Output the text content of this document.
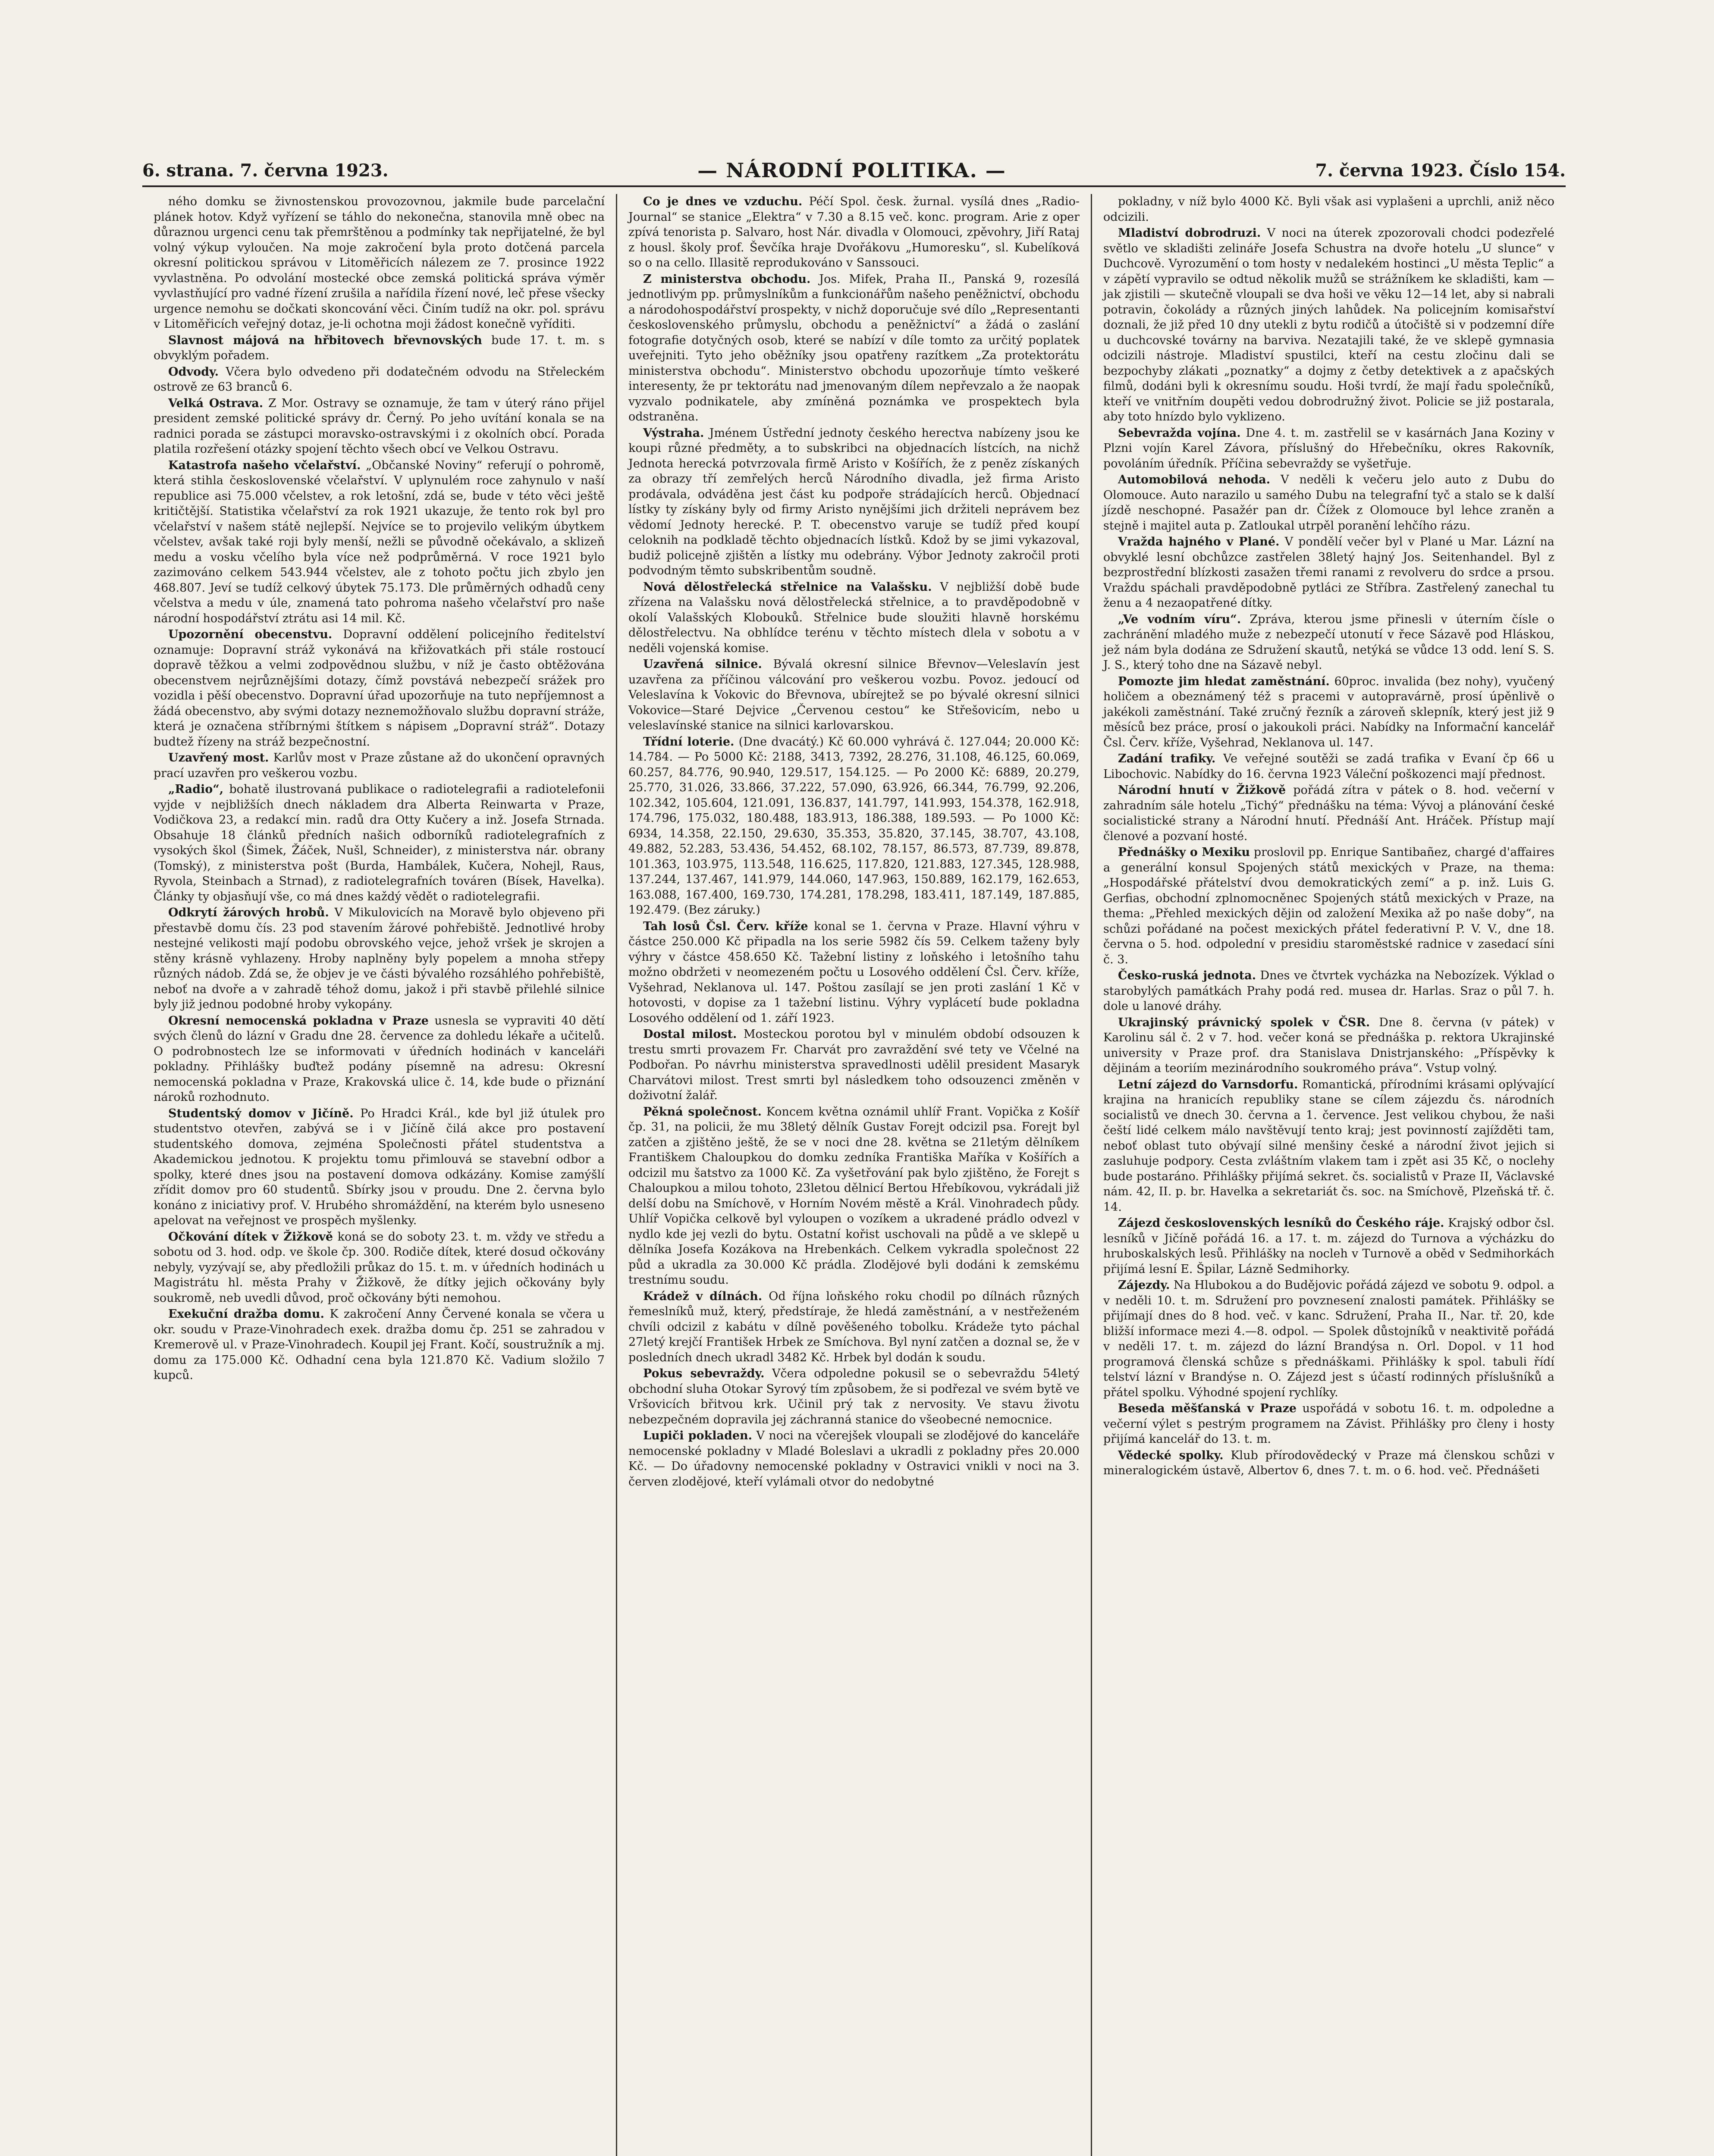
6. strana. 7. června 1923.	— NÁRODNÍ POLITIKA. —	7. června 1923. Číslo 154.

ného domku se živnostenskou provozovnou, jakmile bude parcelační plánek hotov. Když vyřízení se táhlo do nekonečna, stanovila mně obec na důraznou urgenci cenu tak přemrštěnou a podmínky tak nepřijatelné, že byl volný výkup vyloučen. Na moje zakročení byla proto dotčená parcela okresní politickou správou v Litoměřicích nálezem ze 7. prosince 1922 vyvlastněna. Po odvolání mostecké obce zemská politická správa výměr vyvlastňující pro vadné řízení zrušila a nařídila řízení nové, leč přese všecky urgence nemohu se dočkati skoncování věci. Činím tudíž na okr. pol. správu v Litoměřicích veřejný dotaz, je-li ochotna moji žádost konečně vyříditi.

Slavnost májová na hřbitovech břevnovských bude 17. t. m. s obvyklým pořadem.

Odvody. Včera bylo odvedeno při dodatečném odvodu na Střeleckém ostrově ze 63 branců 6.

Velká Ostrava. Z Mor. Ostravy se oznamuje, že tam v úterý ráno přijel president zemské politické správy dr. Černý. Po jeho uvítání konala se na radnici porada se zástupci moravsko-ostravskými i z okolních obcí. Porada platila rozřešení otázky spojení těchto všech obcí ve Velkou Ostravu.

Katastrofa našeho včelařství. „Občanské Noviny“ referují o pohromě, která stihla československé včelařství. V uplynulém roce zahynulo v naší republice asi 75.000 včelstev, a rok letošní, zdá se, bude v této věci ještě kritičtější. Statistika včelařství za rok 1921 ukazuje, že tento rok byl pro včelařství v našem státě nejlepší. Nejvíce se to projevilo velikým úbytkem včelstev, avšak také roji byly menší, nežli se původně očekávalo, a sklizeň medu a vosku včelího byla více než podprůměrná. V roce 1921 bylo zazimováno celkem 543.944 včelstev, ale z tohoto počtu jich zbylo jen 468.807. Jeví se tudíž celkový úbytek 75.173. Dle průměrných odhadů ceny včelstva a medu v úle, znamená tato pohroma našeho včelařství pro naše národní hospodářství ztrátu asi 14 mil. Kč.

Upozornění obecenstvu. Dopravní oddělení policejního ředitelství oznamuje: Dopravní stráž vykonává na křižovatkách při stále rostoucí dopravě těžkou a velmi zodpovědnou službu, v níž je často obtěžována obecenstvem nejrůznějšími dotazy, čímž povstává nebezpečí srážek pro vozidla i pěší obecenstvo. Dopravní úřad upozorňuje na tuto nepříjemnost a žádá obecenstvo, aby svými dotazy neznemožňovalo službu dopravní stráže, která je označena stříbrnými štítkem s nápisem „Dopravní stráž“. Dotazy budtež řízeny na stráž bezpečnostní.

Uzavřený most. Karlův most v Praze zůstane až do ukončení opravných prací uzavřen pro veškerou vozbu.

„Radio“, bohatě ilustrovaná publikace o radiotelegrafii a radiotelefonii vyjde v nejbližších dnech nákladem dra Alberta Reinwarta v Praze, Vodičkova 23, a redakcí min. radů dra Otty Kučery a inž. Josefa Strnada. Obsahuje 18 článků předních našich odborníků radiotelegrafních z vysokých škol (Šimek, Žáček, Nušl, Schneider), z ministerstva nár. obrany (Tomský), z ministerstva pošt (Burda, Hambálek, Kučera, Nohejl, Raus, Ryvola, Steinbach a Strnad), z radiotelegrafních továren (Bísek, Havelka). Články ty objasňují vše, co má dnes každý vědět o radiotelegrafii.

Odkrytí žárových hrobů. V Mikulovicích na Moravě bylo objeveno při přestavbě domu čís. 23 pod stavením žárové pohřebiště. Jednotlivé hroby nestejné velikosti mají podobu obrovského vejce, jehož vršek je skrojen a stěny krásně vyhlazeny. Hroby naplněny byly popelem a mnoha střepy různých nádob. Zdá se, že objev je ve části bývalého rozsáhlého pohřebiště, neboť na dvoře a v zahradě téhož domu, jakož i při stavbě přilehlé silnice byly již jednou podobné hroby vykopány.

Okresní nemocenská pokladna v Praze usnesla se vypraviti 40 dětí svých členů do lázní v Gradu dne 28. července za dohledu lékaře a učitelů. O podrobnostech lze se informovati v úředních hodinách v kanceláři pokladny. Přihlášky buďtež podány písemně na adresu: Okresní nemocenská pokladna v Praze, Krakovská ulice č. 14, kde bude o přiznání nároků rozhodnuto.

Studentský domov v Jičíně. Po Hradci Král., kde byl již útulek pro studentstvo otevřen, zabývá se i v Jičíně čilá akce pro postavení studentského domova, zejména Společnosti přátel studentstva a Akademickou jednotou. K projektu tomu přimlouvá se stavební odbor a spolky, které dnes jsou na postavení domova odkázány. Komise zamýšlí zřídit domov pro 60 studentů. Sbírky jsou v proudu. Dne 2. června bylo konáno z iniciativy prof. V. Hrubého shromáždění, na kterém bylo usneseno apelovat na veřejnost ve prospěch myšlenky.

Očkování dítek v Žižkově koná se do soboty 23. t. m. vždy ve středu a sobotu od 3. hod. odp. ve škole čp. 300. Rodiče dítek, které dosud očkovány nebyly, vyzývají se, aby předložili průkaz do 15. t. m. v úředních hodinách u Magistrátu hl. města Prahy v Žižkově, že dítky jejich očkovány byly soukromě, neb uvedli důvod, proč očkovány býti nemohou.

Exekuční dražba domu. K zakročení Anny Červené konala se včera u okr. soudu v Praze-Vinohradech exek. dražba domu čp. 251 se zahradou v Kremerově ul. v Praze-Vinohradech. Koupil jej Frant. Kočí, soustružník a mj. domu za 175.000 Kč. Odhadní cena byla 121.870 Kč. Vadium složilo 7 kupců.

Co je dnes ve vzduchu. Péčí Spol. česk. žurnal. vysílá dnes „Radio-Journal“ se stanice „Elektra“ v 7.30 a 8.15 več. konc. program. Arie z oper zpívá tenorista p. Salvaro, host Nár. divadla v Olomouci, zpěvohry, Jiří Rataj z housl. školy prof. Ševčíka hraje Dvořákovu „Humoresku“, sl. Kubelíková so o na cello. Illasitě reprodukováno v Sanssouci.

Z ministerstva obchodu. Jos. Mifek, Praha II., Panská 9, rozesílá jednotlivým pp. průmyslníkům a funkcionářům našeho peněžnictví, obchodu a národohospodářství prospekty, v nichž doporučuje své dílo „Representanti československého průmyslu, obchodu a peněžnictví“ a žádá o zaslání fotografie dotyčných osob, které se nabízí v díle tomto za určitý poplatek uveřejniti. Tyto jeho oběžníky jsou opatřeny razítkem „Za protektorátu ministerstva obchodu“. Ministerstvo obchodu upozorňuje tímto veškeré interesenty, že pr tektorátu nad jmenovaným dílem nepřevzalo a že naopak vyzvalo podnikatele, aby zmíněná poznámka ve prospektech byla odstraněna.

Výstraha. Jménem Ústřední jednoty českého herectva nabízeny jsou ke koupi různé předměty, a to subskribci na objednacích lístcích, na nichž Jednota herecká potvrzovala firmě Aristo v Košířích, že z peněz získaných za obrazy tří zemřelých herců Národního divadla, jež firma Aristo prodávala, odváděna jest část ku podpoře strádajících herců. Objednací lístky ty získány byly od firmy Aristo nynějšími jich držiteli neprávem bez vědomí Jednoty herecké. P. T. obecenstvo varuje se tudíž před koupí celoknih na podkladě těchto objednacích lístků. Kdož by se jimi vykazoval, budiž policejně zjištěn a lístky mu odebrány. Výbor Jednoty zakročil proti podvodným těmto subskribentům soudně.

Nová dělostřelecká střelnice na Valašsku. V nejbližší době bude zřízena na Valašsku nová dělostřelecká střelnice, a to pravděpodobně v okolí Valašských Klobouků. Střelnice bude sloužiti hlavně horskému dělostřelectvu. Na obhlídce terénu v těchto místech dlela v sobotu a v neděli vojenská komise.

Uzavřená silnice. Bývalá okresní silnice Břevnov—Veleslavín jest uzavřena za příčinou válcování pro veškerou vozbu. Povoz. jedoucí od Veleslavína k Vokovic do Břevnova, ubírejtež se po bývalé okresní silnici Vokovice—Staré Dejvice „Červenou cestou“ ke Střešovicím, nebo u veleslavínské stanice na silnici karlovarskou.

Třídní loterie. (Dne dvacátý.) Kč 60.000 vyhrává č. 127.044; 20.000 Kč: 14.784. — Po 5000 Kč: 2188, 3413, 7392, 28.276, 31.108, 46.125, 60.069, 60.257, 84.776, 90.940, 129.517, 154.125. — Po 2000 Kč: 6889, 20.279, 25.770, 31.026, 33.866, 37.222, 57.090, 63.926, 66.344, 76.799, 92.206, 102.342, 105.604, 121.091, 136.837, 141.797, 141.993, 154.378, 162.918, 174.796, 175.032, 180.488, 183.913, 186.388, 189.593. — Po 1000 Kč: 6934, 14.358, 22.150, 29.630, 35.353, 35.820, 37.145, 38.707, 43.108, 49.882, 52.283, 53.436, 54.452, 68.102, 78.157, 86.573, 87.739, 89.878, 101.363, 103.975, 113.548, 116.625, 117.820, 121.883, 127.345, 128.988, 137.244, 137.467, 141.979, 144.060, 147.963, 150.889, 162.179, 162.653, 163.088, 167.400, 169.730, 174.281, 178.298, 183.411, 187.149, 187.885, 192.479. (Bez záruky.)

Tah losů Čsl. Červ. kříže konal se 1. června v Praze. Hlavní výhru v částce 250.000 Kč připadla na los serie 5982 čís 59. Celkem taženy byly výhry v částce 458.650 Kč. Tažební listiny z loňského i letošního tahu možno obdržeti v neomezeném počtu u Losového oddělení Čsl. Červ. kříže, Vyšehrad, Neklanova ul. 147. Poštou zasílají se jen proti zaslání 1 Kč v hotovosti, v dopise za 1 tažební listinu. Výhry vyplácetí bude pokladna Losového oddělení od 1. září 1923.

Dostal milost. Mosteckou porotou byl v minulém období odsouzen k trestu smrti provazem Fr. Charvát pro zavraždění své tety ve Včelné na Podbořan. Po návrhu ministerstva spravedlnosti udělil president Masaryk Charvátovi milost. Trest smrti byl následkem toho odsouzenci změněn v doživotní žalář.

Pěkná společnost. Koncem května oznámil uhlíř Frant. Vopička z Košíř čp. 31, na policii, že mu 38letý dělník Gustav Forejt odcizil psa. Forejt byl zatčen a zjištěno ještě, že se v noci dne 28. května se 21letým dělníkem Františkem Chaloupkou do domku zedníka Františka Maříka v Košířích a odcizil mu šatstvo za 1000 Kč. Za vyšetřování pak bylo zjištěno, že Forejt s Chaloupkou a milou tohoto, 23letou dělnicí Bertou Hřebíkovou, vykrádali již delší dobu na Smíchově, v Horním Novém městě a Král. Vinohradech půdy. Uhlíř Vopička celkově byl vyloupen o vozíkem a ukradené prádlo odvezl v nydlo kde jej vezli do bytu. Ostatní kořist uschovali na půdě a ve sklepě u dělníka Josefa Kozákova na Hrebenkách. Celkem vykradla společnost 22 půd a ukradla za 30.000 Kč prádla. Zlodějové byli dodáni k zemskému trestnímu soudu.

Krádež v dílnách. Od října loňského roku chodil po dílnách různých řemeslníků muž, který, předstíraje, že hledá zaměstnání, a v nestřeženém chvíli odcizil z kabátu v dílně pověšeného tobolku. Krádeže tyto páchal 27letý krejčí František Hrbek ze Smíchova. Byl nyní zatčen a doznal se, že v posledních dnech ukradl 3482 Kč. Hrbek byl dodán k soudu.

Pokus sebevraždy. Včera odpoledne pokusil se o sebevraždu 54letý obchodní sluha Otokar Syrový tím způsobem, že si podřezal ve svém bytě ve Vršovicích břitvou krk. Učinil prý tak z nervosity. Ve stavu životu nebezpečném dopravila jej záchranná stanice do všeobecné nemocnice.

Lupiči pokladen. V noci na včerejšek vloupali se zlodějové do kanceláře nemocenské pokladny v Mladé Boleslavi a ukradli z pokladny přes 20.000 Kč. — Do úřadovny nemocenské pokladny v Ostravici vnikli v noci na 3. červen zlodějové, kteří vylámali otvor do nedobytné

pokladny, v níž bylo 4000 Kč. Byli však asi vyplašeni a uprchli, aniž něco odcizili.

Mladiství dobrodruzi. V noci na úterek zpozorovali chodci podezřelé světlo ve skladišti zelináře Josefa Schustra na dvoře hotelu „U slunce“ v Duchcově. Vyrozumění o tom hosty v nedalekém hostinci „U města Teplic“ a v zápětí vypravilo se odtud několik mužů se strážníkem ke skladišti, kam — jak zjistili — skutečně vloupali se dva hoši ve věku 12—14 let, aby si nabrali potravin, čokolády a různých jiných lahůdek. Na policejním komisařství doznali, že již před 10 dny utekli z bytu rodičů a útočiště si v podzemní díře u duchcovské továrny na barviva. Nezatajili také, že ve sklepě gymnasia odcizili nástroje. Mladiství spustilci, kteří na cestu zločinu dali se bezpochyby zlákati „poznatky“ a dojmy z četby detektivek a z apačských filmů, dodáni byli k okresnímu soudu. Hoši tvrdí, že mají řadu společníků, kteří ve vnitřním doupěti vedou dobrodružný život. Policie se již postarala, aby toto hnízdo bylo vyklizeno.

Sebevražda vojína. Dne 4. t. m. zastřelil se v kasárnách Jana Koziny v Plzni vojín Karel Závora, příslušný do Hřebečníku, okres Rakovník, povoláním úředník. Příčina sebevraždy se vyšetřuje.

Automobilová nehoda. V neděli k večeru jelo auto z Dubu do Olomouce. Auto narazilo u samého Dubu na telegrafní tyč a stalo se k další jízdě neschopné. Pasažér pan dr. Čížek z Olomouce byl lehce zraněn a stejně i majitel auta p. Zatloukal utrpěl poranění lehčího rázu.

Vražda hajného v Plané. V pondělí večer byl v Plané u Mar. Lázní na obvyklé lesní obchůzce zastřelen 38letý hajný Jos. Seitenhandel. Byl z bezprostřední blízkosti zasažen třemi ranami z revolveru do srdce a prsou. Vraždu spáchali pravděpodobně pytláci ze Stříbra. Zastřelený zanechal tu ženu a 4 nezaopatřené dítky.

„Ve vodním víru“. Zpráva, kterou jsme přinesli v úterním čísle o zachránění mladého muže z nebezpečí utonutí v řece Sázavě pod Hláskou, jež nám byla dodána ze Sdružení skautů, netýká se vůdce 13 odd. lení S. S. J. S., který toho dne na Sázavě nebyl.

Pomozte jim hledat zaměstnání. 60proc. invalida (bez nohy), vyučený holičem a obeznámený též s pracemi v autopravárně, prosí úpěnlivě o jakékoli zaměstnání. Také zručný řezník a zároveň sklepník, který jest již 9 měsíců bez práce, prosí o jakoukoli práci. Nabídky na Informační kancelář Čsl. Červ. kříže, Vyšehrad, Neklanova ul. 147.

Zadání trafiky. Ve veřejné soutěži se zadá trafika v Evaní čp 66 u Libochovic. Nabídky do 16. června 1923 Váleční poškozenci mají přednost.

Národní hnutí v Žižkově pořádá zítra v pátek o 8. hod. večerní v zahradním sále hotelu „Tichý“ přednášku na téma: Vývoj a plánování české socialistické strany a Národní hnutí. Přednáší Ant. Hráček. Přístup mají členové a pozvaní hosté.

Přednášky o Mexiku proslovil pp. Enrique Santibañez, chargé d'affaires a generální konsul Spojených států mexických v Praze, na thema: „Hospodářské přátelství dvou demokratických zemí“ a p. inž. Luis G. Gerfias, obchodní zplnomocněnec Spojených států mexických v Praze, na thema: „Přehled mexických dějin od založení Mexika až po naše doby“, na schůzi pořádané na počest mexických přátel federativní P. V. V., dne 18. června o 5. hod. odpolední v presidiu staroměstské radnice v zasedací síni č. 3.

Česko-ruská jednota. Dnes ve čtvrtek vycházka na Nebozízek. Výklad o starobylých památkách Prahy podá red. musea dr. Harlas. Sraz o půl 7. h. dole u lanové dráhy.

Ukrajinský právnický spolek v ČSR. Dne 8. června (v pátek) v Karolinu sál č. 2 v 7. hod. večer koná se přednáška p. rektora Ukrajinské university v Praze prof. dra Stanislava Dnistrjanského: „Příspěvky k dějinám a teoriím mezinárodního soukromého práva“. Vstup volný.

Letní zájezd do Varnsdorfu. Romantická, přírodními krásami oplývající krajina na hranicích republiky stane se cílem zájezdu čs. národních socialistů ve dnech 30. června a 1. července. Jest velikou chybou, že naši čeští lidé celkem málo navštěvují tento kraj; jest povinností zajížděti tam, neboť oblast tuto obývají silné menšiny české a národní život jejich si zasluhuje podpory. Cesta zvláštním vlakem tam i zpět asi 35 Kč, o noclehy bude postaráno. Přihlášky přijímá sekret. čs. socialistů v Praze II, Václavské nám. 42, II. p. br. Havelka a sekretariát čs. soc. na Smíchově, Plzeňská tř. č. 14.

Zájezd československých lesníků do Českého ráje. Krajský odbor čsl. lesníků v Jičíně pořádá 16. a 17. t. m. zájezd do Turnova a výcházku do hruboskalských lesů. Přihlášky na nocleh v Turnově a oběd v Sedmihorkách přijímá lesní E. Špilar, Lázně Sedmihorky.

Zájezdy. Na Hlubokou a do Budějovic pořádá zájezd ve sobotu 9. odpol. a v neděli 10. t. m. Sdružení pro povznesení znalosti památek. Přihlášky se přijímají dnes do 8 hod. več. v kanc. Sdružení, Praha II., Nar. tř. 20, kde bližší informace mezi 4.—8. odpol. — Spolek důstojníků v neaktivitě pořádá v neděli 17. t. m. zájezd do lázní Brandýsa n. Orl. Dopol. v 11 hod programová členská schůze s přednáškami. Přihlášky k spol. tabuli řídí telství lázní v Brandýse n. O. Zájezd jest s účastí rodinných příslušníků a přátel spolku. Výhodné spojení rychlíky.

Beseda měšťanská v Praze uspořádá v sobotu 16. t. m. odpoledne a večerní výlet s pestrým programem na Závist. Přihlášky pro členy i hosty přijímá kancelář do 13. t. m.

Vědecké spolky. Klub přírodovědecký v Praze má členskou schůzi v mineralogickém ústavě, Albertov 6, dnes 7. t. m. o 6. hod. več. Přednášeti
